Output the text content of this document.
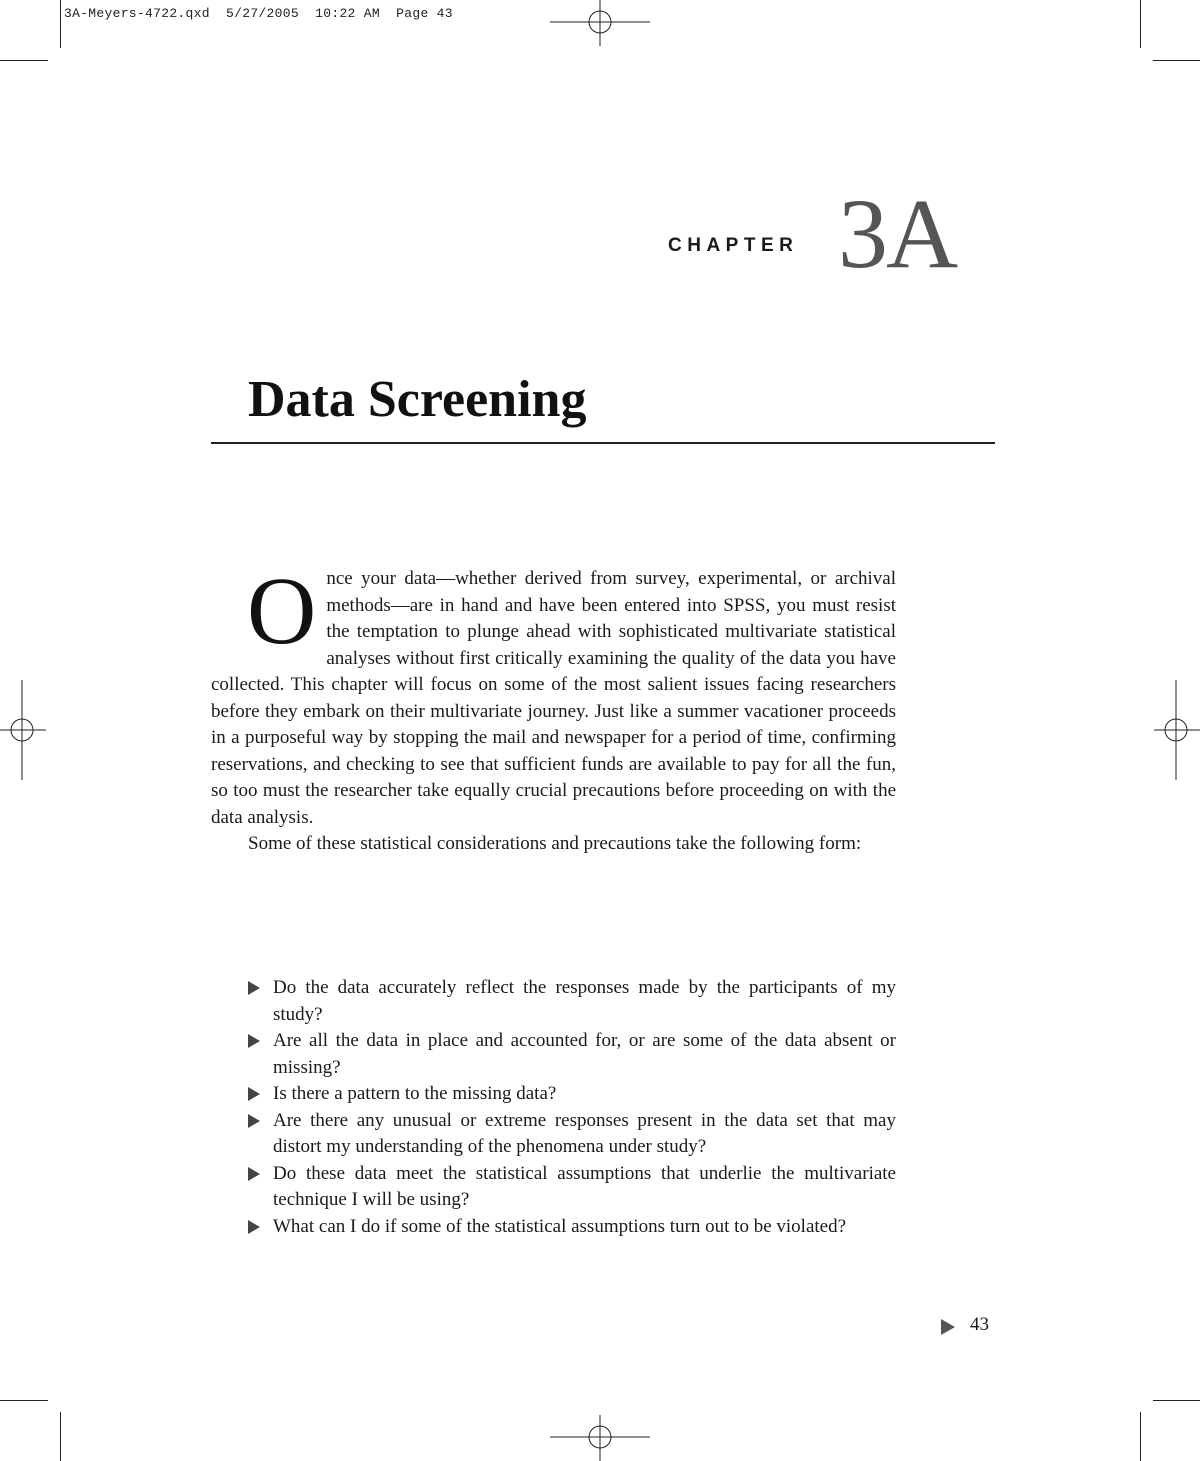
3A-Meyers-4722.qxd  5/27/2005  10:22 AM  Page 43
CHAPTER 3A
Data Screening

Once your data—whether derived from survey, experimental, or archival methods—are in hand and have been entered into SPSS, you must resist the temptation to plunge ahead with sophisticated multivariate statistical analyses without first critically examining the quality of the data you have collected. This chapter will focus on some of the most salient issues facing researchers before they embark on their multivariate journey. Just like a summer vacationer proceeds in a purposeful way by stopping the mail and newspaper for a period of time, confirming reservations, and checking to see that sufficient funds are available to pay for all the fun, so too must the researcher take equally crucial precautions before proceeding on with the data analysis.

Some of these statistical considerations and precautions take the following form:

Do the data accurately reflect the responses made by the participants of my study?
Are all the data in place and accounted for, or are some of the data absent or missing?
Is there a pattern to the missing data?
Are there any unusual or extreme responses present in the data set that may distort my understanding of the phenomena under study?
Do these data meet the statistical assumptions that underlie the multivariate technique I will be using?
What can I do if some of the statistical assumptions turn out to be violated?
43
